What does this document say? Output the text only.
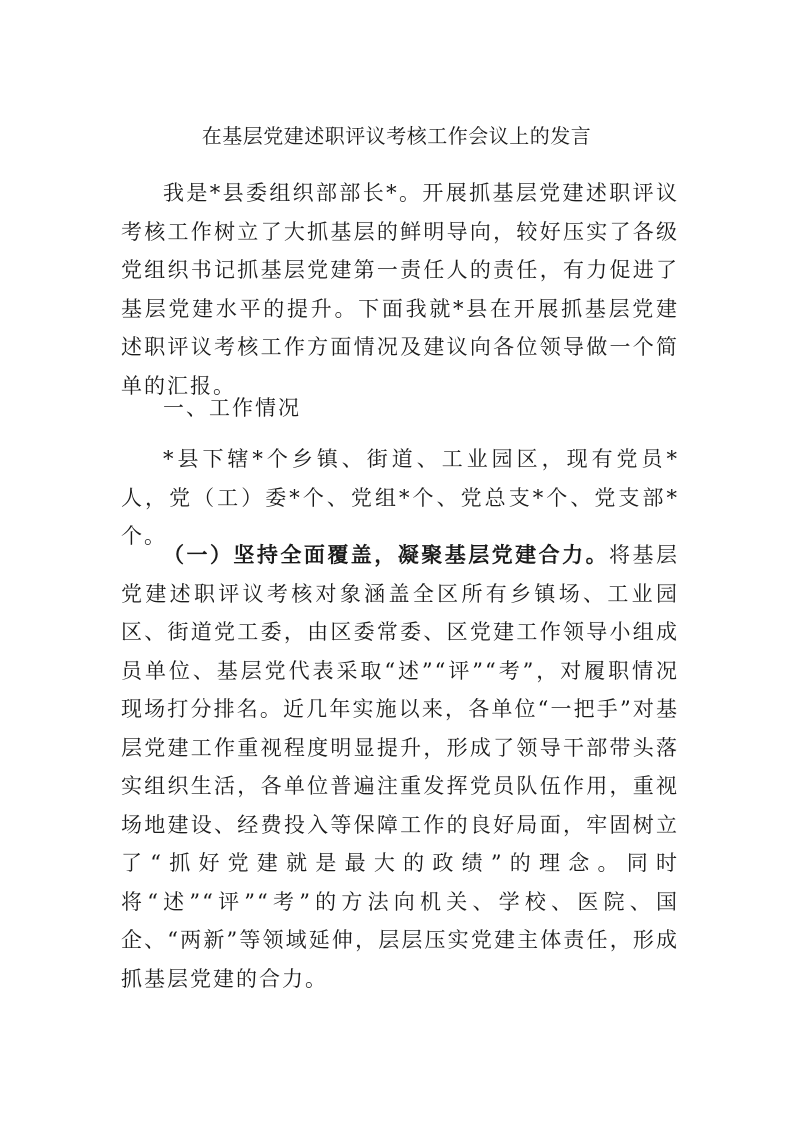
在基层党建述职评议考核工作会议上的发言
我是*县委组织部部长*。开展抓基层党建述职评议考核工作树立了大抓基层的鲜明导向，较好压实了各级党组织书记抓基层党建第一责任人的责任，有力促进了基层党建水平的提升。下面我就*县在开展抓基层党建述职评议考核工作方面情况及建议向各位领导做一个简单的汇报。
一、工作情况
*县下辖*个乡镇、街道、工业园区，现有党员*人，党（工）委*个、党组*个、党总支*个、党支部*个。
（一）坚持全面覆盖，凝聚基层党建合力。将基层党建述职评议考核对象涵盖全区所有乡镇场、工业园区、街道党工委，由区委常委、区党建工作领导小组成员单位、基层党代表采取“述”“评”“考”，对履职情况现场打分排名。近几年实施以来，各单位“一把手”对基层党建工作重视程度明显提升，形成了领导干部带头落实组织生活，各单位普遍注重发挥党员队伍作用，重视场地建设、经费投入等保障工作的良好局面，牢固树立了“抓好党建就是最大的政绩”的理念。同时将“述”“评”“考”的方法向机关、学校、医院、国企、“两新”等领域延伸，层层压实党建主体责任，形成抓基层党建的合力。
